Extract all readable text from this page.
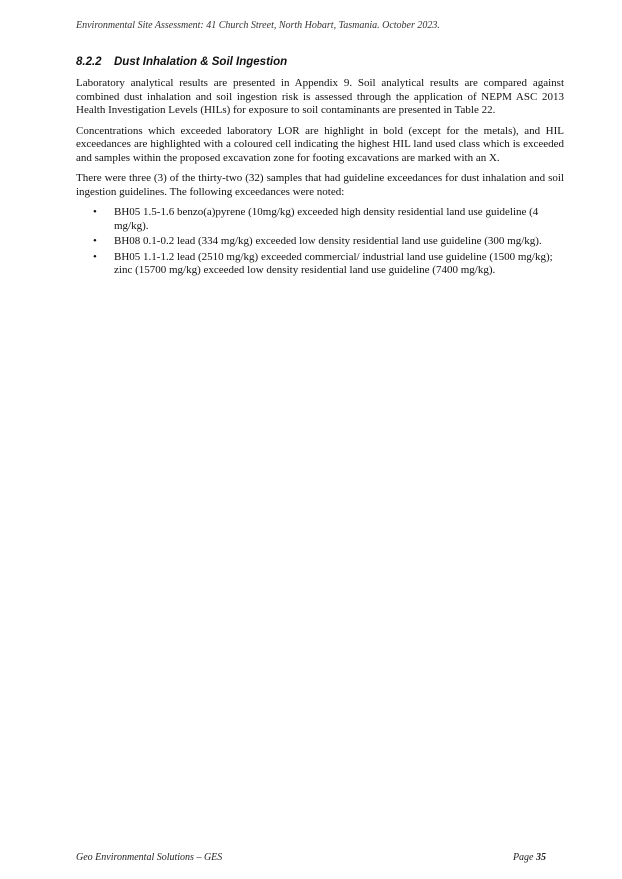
Environmental Site Assessment: 41 Church Street, North Hobart, Tasmania. October 2023.
8.2.2 Dust Inhalation & Soil Ingestion

Laboratory analytical results are presented in Appendix 9. Soil analytical results are compared against combined dust inhalation and soil ingestion risk is assessed through the application of NEPM ASC 2013 Health Investigation Levels (HILs) for exposure to soil contaminants are presented in Table 22.

Concentrations which exceeded laboratory LOR are highlight in bold (except for the metals), and HIL exceedances are highlighted with a coloured cell indicating the highest HIL land used class which is exceeded and samples within the proposed excavation zone for footing excavations are marked with an X.

There were three (3) of the thirty-two (32) samples that had guideline exceedances for dust inhalation and soil ingestion guidelines. The following exceedances were noted:

• BH05 1.5-1.6 benzo(a)pyrene (10mg/kg) exceeded high density residential land use guideline (4 mg/kg).
• BH08 0.1-0.2 lead (334 mg/kg) exceeded low density residential land use guideline (300 mg/kg).
• BH05 1.1-1.2 lead (2510 mg/kg) exceeded commercial/ industrial land use guideline (1500 mg/kg); zinc (15700 mg/kg) exceeded low density residential land use guideline (7400 mg/kg).
Geo Environmental Solutions – GES	Page 35
